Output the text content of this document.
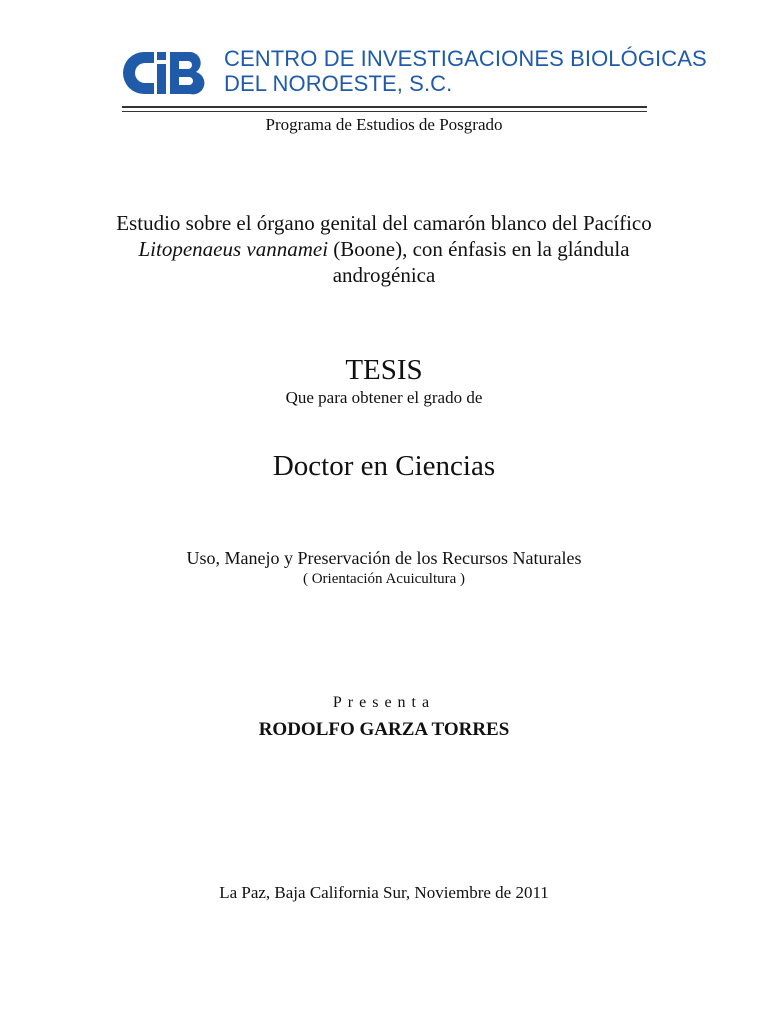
CENTRO DE INVESTIGACIONES BIOLÓGICAS
DEL NOROESTE, S.C.
Programa de Estudios de Posgrado
Estudio sobre el órgano genital del camarón blanco del Pacífico Litopenaeus vannamei (Boone), con énfasis en la glándula androgénica
TESIS
Que para obtener el grado de
Doctor en Ciencias
Uso, Manejo y Preservación de los Recursos Naturales
( Orientación Acuicultura )
Presenta
RODOLFO GARZA TORRES
La Paz, Baja California Sur, Noviembre de 2011
